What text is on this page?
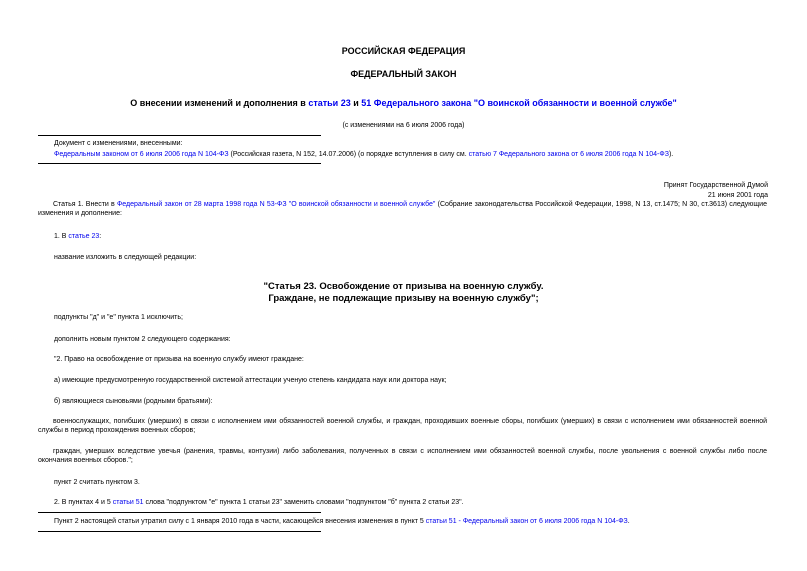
РОССИЙСКАЯ ФЕДЕРАЦИЯ
ФЕДЕРАЛЬНЫЙ ЗАКОН
О внесении изменений и дополнения в статьи 23 и 51 Федерального закона "О воинской обязанности и военной службе"
(с изменениями на 6 июля 2006 года)
Документ с изменениями, внесенными:
Федеральным законом от 6 июля 2006 года N 104-ФЗ (Российская газета, N 152, 14.07.2006) (о порядке вступления в силу см. статью 7 Федерального закона от 6 июля 2006 года N 104-ФЗ).
Принят Государственной Думой
21 июня 2001 года
Статья 1. Внести в Федеральный закон от 28 марта 1998 года N 53-ФЗ "О воинской обязанности и военной службе" (Собрание законодательства Российской Федерации, 1998, N 13, ст.1475; N 30, ст.3613) следующие изменения и дополнение:
1. В статье 23:
название изложить в следующей редакции:
"Статья 23. Освобождение от призыва на военную службу.
Граждане, не подлежащие призыву на военную службу";
подпункты "д" и "е" пункта 1 исключить;
дополнить новым пунктом 2 следующего содержания:
"2. Право на освобождение от призыва на военную службу имеют граждане:
а) имеющие предусмотренную государственной системой аттестации ученую степень кандидата наук или доктора наук;
б) являющиеся сыновьями (родными братьями):
военнослужащих, погибших (умерших) в связи с исполнением ими обязанностей военной службы, и граждан, проходивших военные сборы, погибших (умерших) в связи с исполнением ими обязанностей военной службы в период прохождения военных сборов;
граждан, умерших вследствие увечья (ранения, травмы, контузии) либо заболевания, полученных в связи с исполнением ими обязанностей военной службы, после увольнения с военной службы либо после окончания военных сборов.";
пункт 2 считать пунктом 3.
2. В пунктах 4 и 5 статьи 51 слова "подпунктом "е" пункта 1 статьи 23" заменить словами "подпунктом "б" пункта 2 статьи 23".
Пункт 2 настоящей статьи утратил силу с 1 января 2010 года в части, касающейся внесения изменения в пункт 5 статьи 51 - Федеральный закон от 6 июля 2006 года N 104-ФЗ.
